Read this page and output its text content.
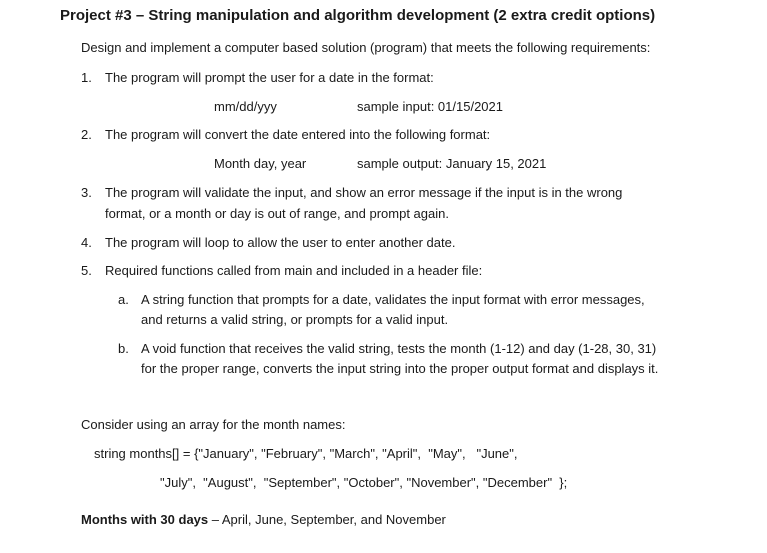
Project #3 – String manipulation and algorithm development (2 extra credit options)
Design and implement a computer based solution (program) that meets the following requirements:
1. The program will prompt the user for a date in the format:
mm/dd/yyy	sample input: 01/15/2021
2. The program will convert the date entered into the following format:
Month day, year	sample output: January 15, 2021
3. The program will validate the input, and show an error message if the input is in the wrong
format, or a month or day is out of range, and prompt again.
4. The program will loop to allow the user to enter another date.
5. Required functions called from main and included in a header file:
a. A string function that prompts for a date, validates the input format with error messages,
and returns a valid string, or prompts for a valid input.
b. A void function that receives the valid string, tests the month (1-12) and day (1-28, 30, 31)
for the proper range, converts the input string into the proper output format and displays it.
Consider using an array for the month names:
string months[] = {"January", "February", "March", "April",  "May",   "June",
"July",  "August",  "September", "October", "November", "December"  };
Months with 30 days – April, June, September, and November
